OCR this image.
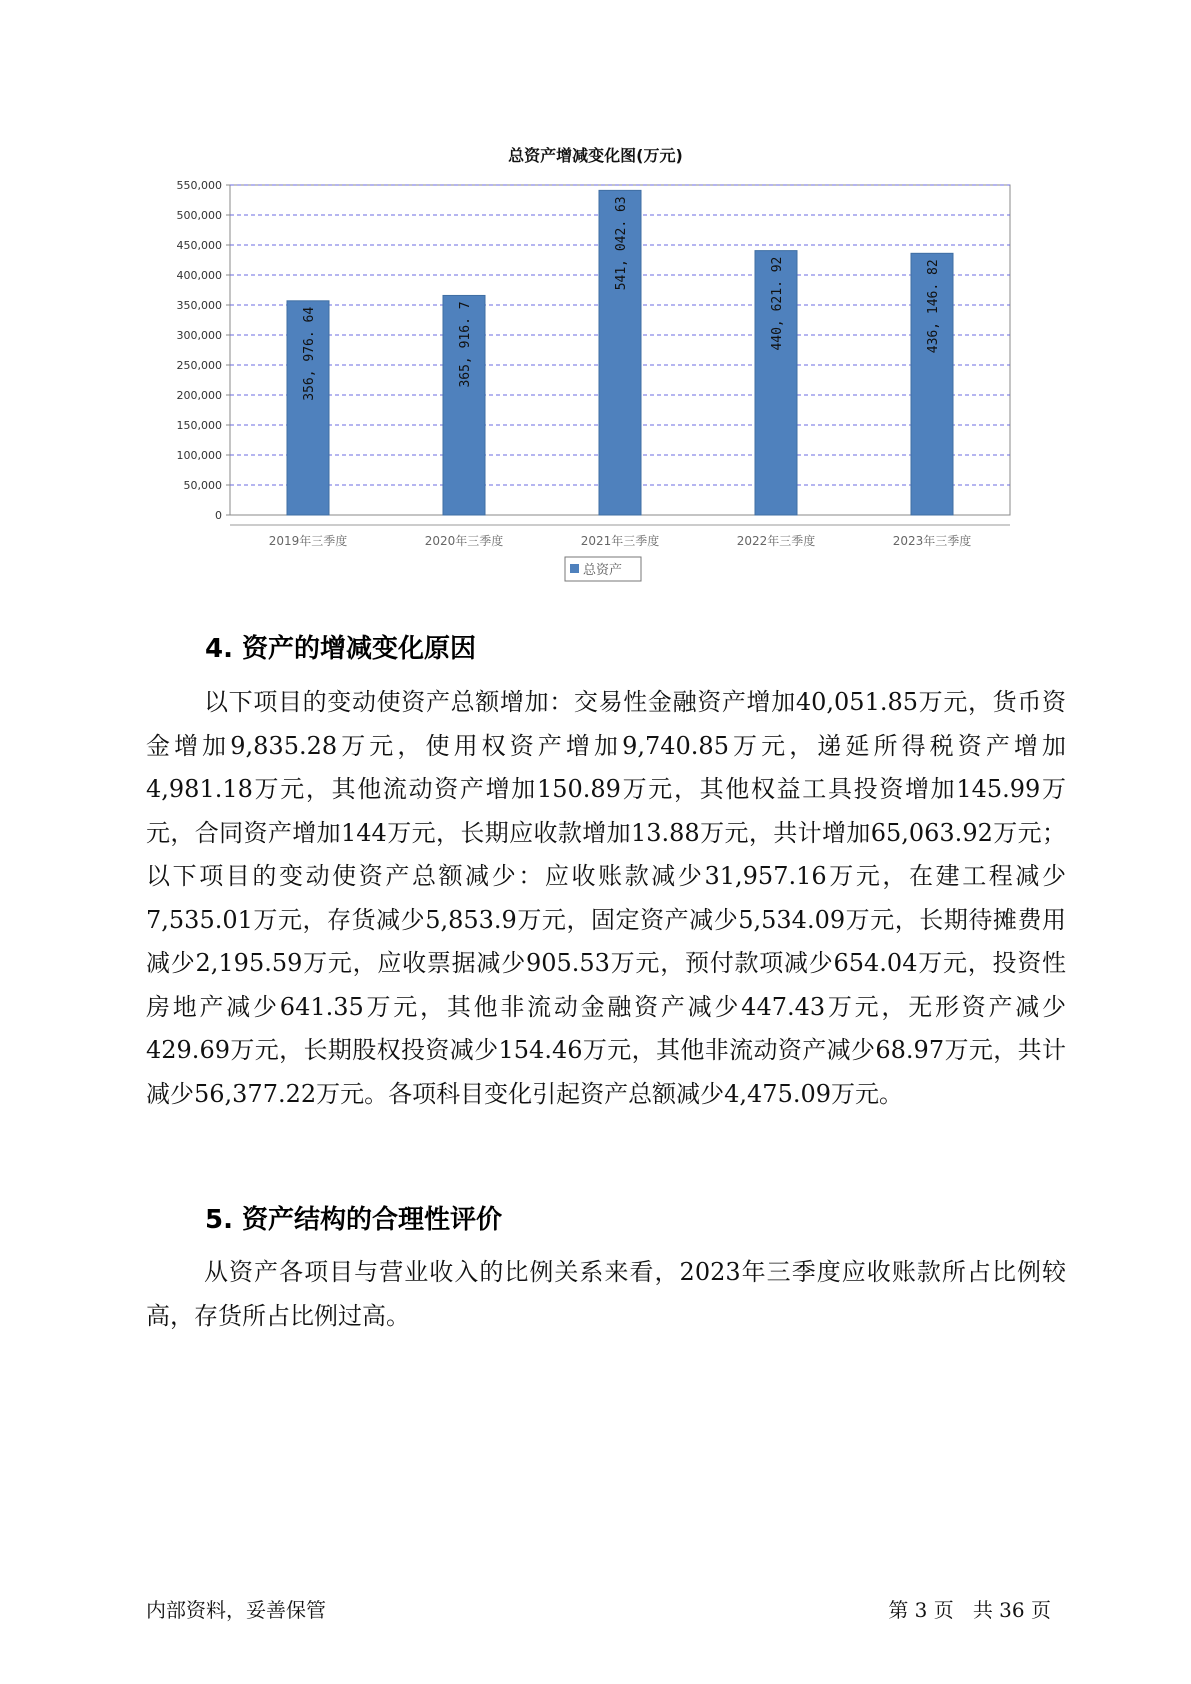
总资产增减变化图(万元)
0
50,000
100,000
150,000
200,000
250,000
300,000
350,000
400,000
450,000
500,000
550,000
356, 976. 64
2019年三季度
365, 916. 7
2020年三季度
541, 042. 63
2021年三季度
440, 621. 92
2022年三季度
436, 146. 82
2023年三季度
总资产
4. 资产的增减变化原因

以下项目的变动使资产总额增加：交易性金融资产增加40,051.85万元，货币资金增加9,835.28万元，使用权资产增加9,740.85万元，递延所得税资产增加4,981.18万元，其他流动资产增加150.89万元，其他权益工具投资增加145.99万元，合同资产增加144万元，长期应收款增加13.88万元，共计增加65,063.92万元；以下项目的变动使资产总额减少：应收账款减少31,957.16万元，在建工程减少7,535.01万元，存货减少5,853.9万元，固定资产减少5,534.09万元，长期待摊费用减少2,195.59万元，应收票据减少905.53万元，预付款项减少654.04万元，投资性房地产减少641.35万元，其他非流动金融资产减少447.43万元，无形资产减少429.69万元，长期股权投资减少154.46万元，其他非流动资产减少68.97万元，共计减少56,377.22万元。各项科目变化引起资产总额减少4,475.09万元。

5. 资产结构的合理性评价

从资产各项目与营业收入的比例关系来看，2023年三季度应收账款所占比例较高，存货所占比例过高。

内部资料，妥善保管	第 3 页   共 36 页
